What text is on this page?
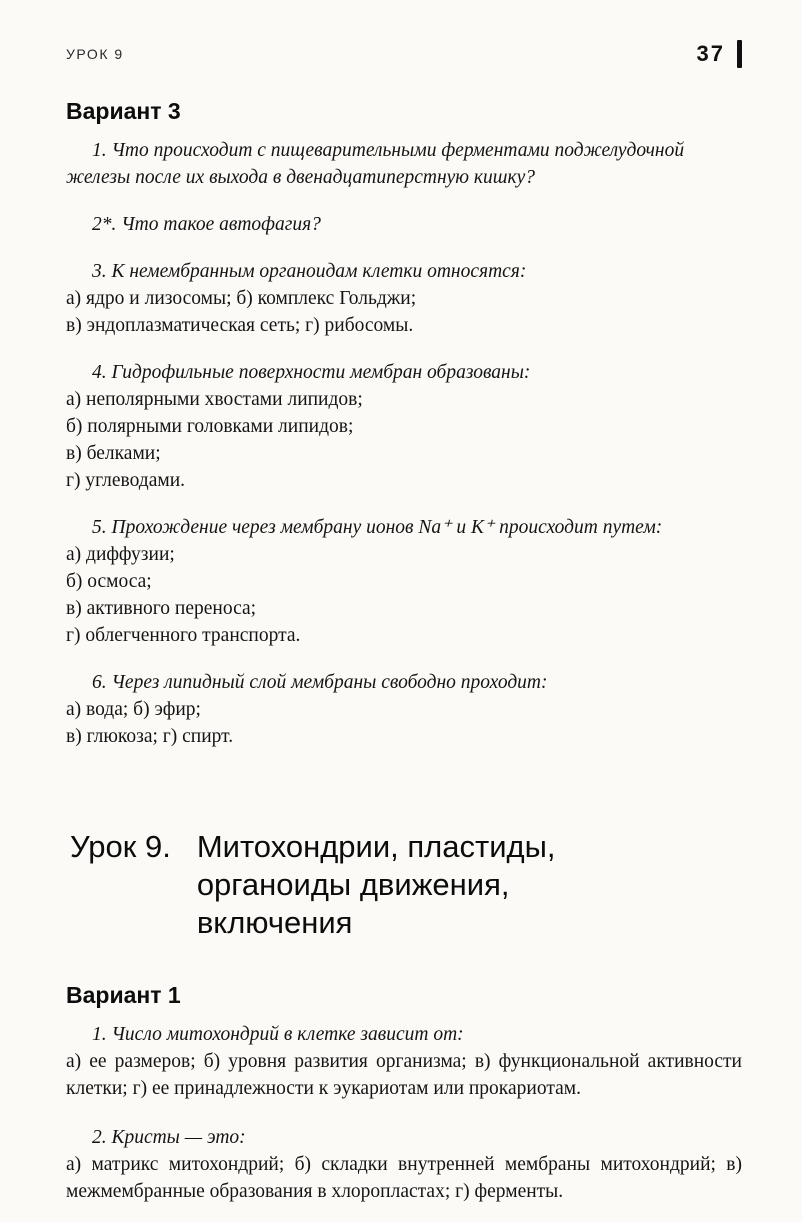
УРОК 9	37
Вариант 3
1. Что происходит с пищеварительными ферментами поджелудочной железы после их выхода в двенадцатиперстную кишку?
2*. Что такое автофагия?
3. К немембранным органоидам клетки относятся:
а) ядро и лизосомы; б) комплекс Гольджи;
в) эндоплазматическая сеть; г) рибосомы.
4. Гидрофильные поверхности мембран образованы:
а) неполярными хвостами липидов;
б) полярными головками липидов;
в) белками;
г) углеводами.
5. Прохождение через мембрану ионов Na⁺ и К⁺ происходит путем:
а) диффузии;
б) осмоса;
в) активного переноса;
г) облегченного транспорта.
6. Через липидный слой мембраны свободно проходит:
а) вода; б) эфир;
в) глюкоза; г) спирт.
Урок 9. Митохондрии, пластиды, органоиды движения, включения
Вариант 1
1. Число митохондрий в клетке зависит от:
а) ее размеров; б) уровня развития организма; в) функциональной активности клетки; г) ее принадлежности к эукариотам или прокариотам.
2. Кристы — это:
а) матрикс митохондрий; б) складки внутренней мембраны митохондрий; в) межмембранные образования в хлоропластах; г) ферменты.
